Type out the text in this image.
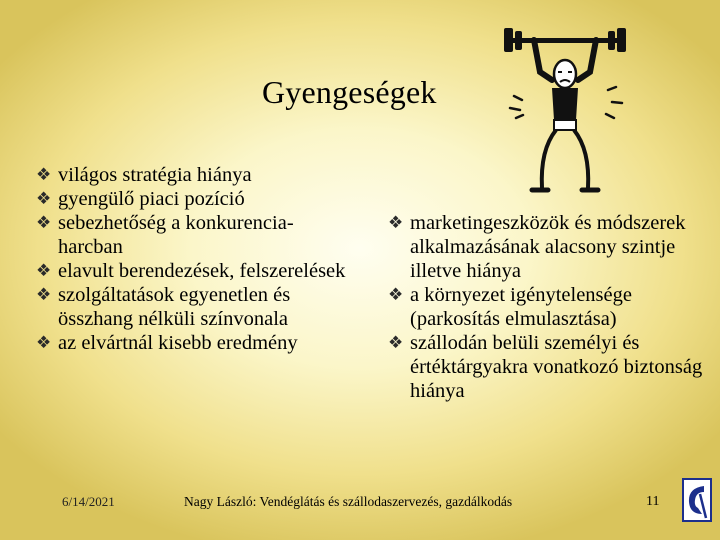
Gyengeségek
❖ világos stratégia hiánya
❖ gyengülő piaci pozíció
❖ sebezhetőség a konkurencia-harcban
❖ elavult berendezések, felszerelések
❖ szolgáltatások egyenetlen és összhang nélküli színvonala
❖ az elvártnál kisebb eredmény
❖ marketingeszközök és módszerek alkalmazásának alacsony szintje illetve hiánya
❖ a környezet igénytelensége (parkosítás elmulasztása)
❖ szállodán belüli személyi és értéktárgyakra vonatkozó biztonság hiánya
6/14/2021	Nagy László: Vendéglátás és szállodaszervezés, gazdálkodás	11
